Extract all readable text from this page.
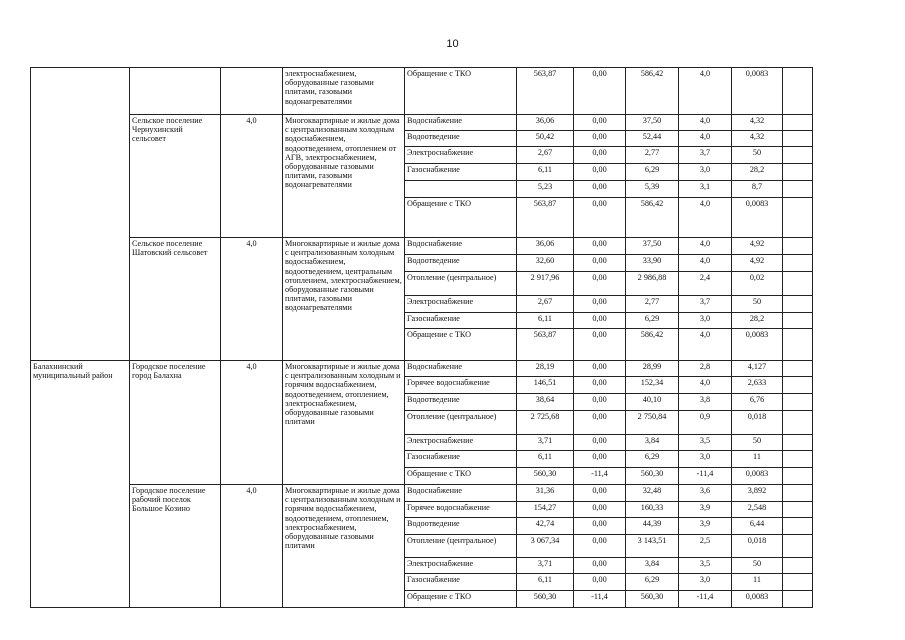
10
			электроснабжением, оборудованные газовыми плитами, газовыми водонагревателями	Обращение с ТКО	563,87	0,00	586,42	4,0	0,0083	
	Сельское поселение Чернухинский сельсовет	4,0	Многоквартирные и жилые дома с централизованным холодным водоснабжением, водоотведением, отоплением от АГВ, электроснабжением, оборудованные газовыми плитами, газовыми водонагревателями	Водоснабжение	36,06	0,00	37,50	4,0	4,32	
				Водоотведение	50,42	0,00	52,44	4,0	4,32	
				Электроснабжение	2,67	0,00	2,77	3,7	50	
				Газоснабжение	6,11	0,00	6,29	3,0	28,2	
					5,23	0,00	5,39	3,1	8,7	
				Обращение с ТКО	563,87	0,00	586,42	4,0	0,0083	
	Сельское поселение Шатовский сельсовет	4,0	Многоквартирные и жилые дома с централизованным холодным водоснабжением, водоотведением, центральным отоплением, электроснабжением, оборудованные газовыми плитами, газовыми водонагревателями	Водоснабжение	36,06	0,00	37,50	4,0	4,92	
				Водоотведение	32,60	0,00	33,90	4,0	4,92	
				Отопление (центральное)	2 917,96	0,00	2 986,88	2,4	0,02	
				Электроснабжение	2,67	0,00	2,77	3,7	50	
				Газоснабжение	6,11	0,00	6,29	3,0	28,2	
				Обращение с ТКО	563,87	0,00	586,42	4,0	0,0083	
Балахнинский муниципальный район	Городское поселение город Балахна	4,0	Многоквартирные и жилые дома с централизованным холодным и горячим водоснабжением, водоотведением, отоплением, электроснабжением, оборудованные газовыми плитами	Водоснабжение	28,19	0,00	28,99	2,8	4,127	
				Горячее водоснабжение	146,51	0,00	152,34	4,0	2,633	
				Водоотведение	38,64	0,00	40,10	3,8	6,76	
				Отопление (центральное)	2 725,68	0,00	2 750,84	0,9	0,018	
				Электроснабжение	3,71	0,00	3,84	3,5	50	
				Газоснабжение	6,11	0,00	6,29	3,0	11	
				Обращение с ТКО	560,30	-11,4	560,30	-11,4	0,0083	
	Городское поселение рабочий поселок Большое Козино	4,0	Многоквартирные и жилые дома с централизованным холодным и горячим водоснабжением, водоотведением, отоплением, электроснабжением, оборудованные газовыми плитами	Водоснабжение	31,36	0,00	32,48	3,6	3,892	
				Горячее водоснабжение	154,27	0,00	160,33	3,9	2,548	
				Водоотведение	42,74	0,00	44,39	3,9	6,44	
				Отопление (центральное)	3 067,34	0,00	3 143,51	2,5	0,018	
				Электроснабжение	3,71	0,00	3,84	3,5	50	
				Газоснабжение	6,11	0,00	6,29	3,0	11	
				Обращение с ТКО	560,30	-11,4	560,30	-11,4	0,0083	
